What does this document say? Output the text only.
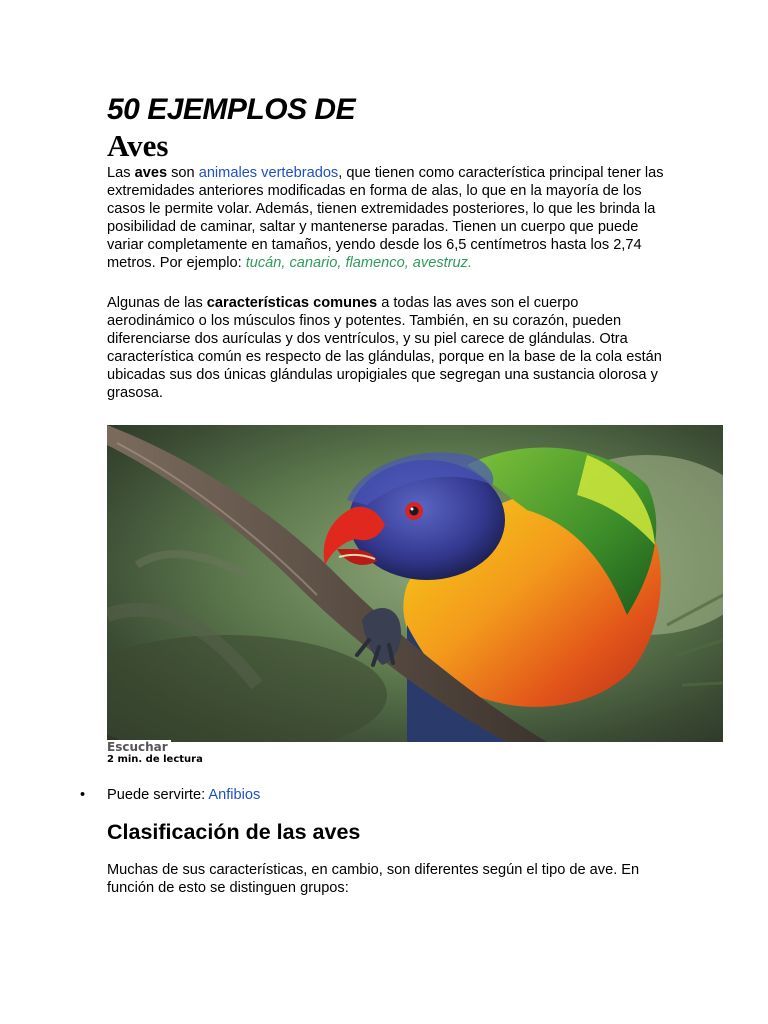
50 EJEMPLOS DE
Aves

Las aves son animales vertebrados, que tienen como característica principal tener las extremidades anteriores modificadas en forma de alas, lo que en la mayoría de los casos le permite volar. Además, tienen extremidades posteriores, lo que les brinda la posibilidad de caminar, saltar y mantenerse paradas. Tienen un cuerpo que puede variar completamente en tamaños, yendo desde los 6,5 centímetros hasta los 2,74 metros. Por ejemplo: tucán, canario, flamenco, avestruz.

Algunas de las características comunes a todas las aves son el cuerpo aerodinámico o los músculos finos y potentes. También, en su corazón, pueden diferenciarse dos aurículas y dos ventrículos, y su piel carece de glándulas. Otra característica común es respecto de las glándulas, porque en la base de la cola están ubicadas sus dos únicas glándulas uropigiales que segregan una sustancia olorosa y grasosa.

Escuchar
2 min. de lectura
• Puede servirte: Anfibios
Clasificación de las aves

Muchas de sus características, en cambio, son diferentes según el tipo de ave. En función de esto se distinguen grupos:
